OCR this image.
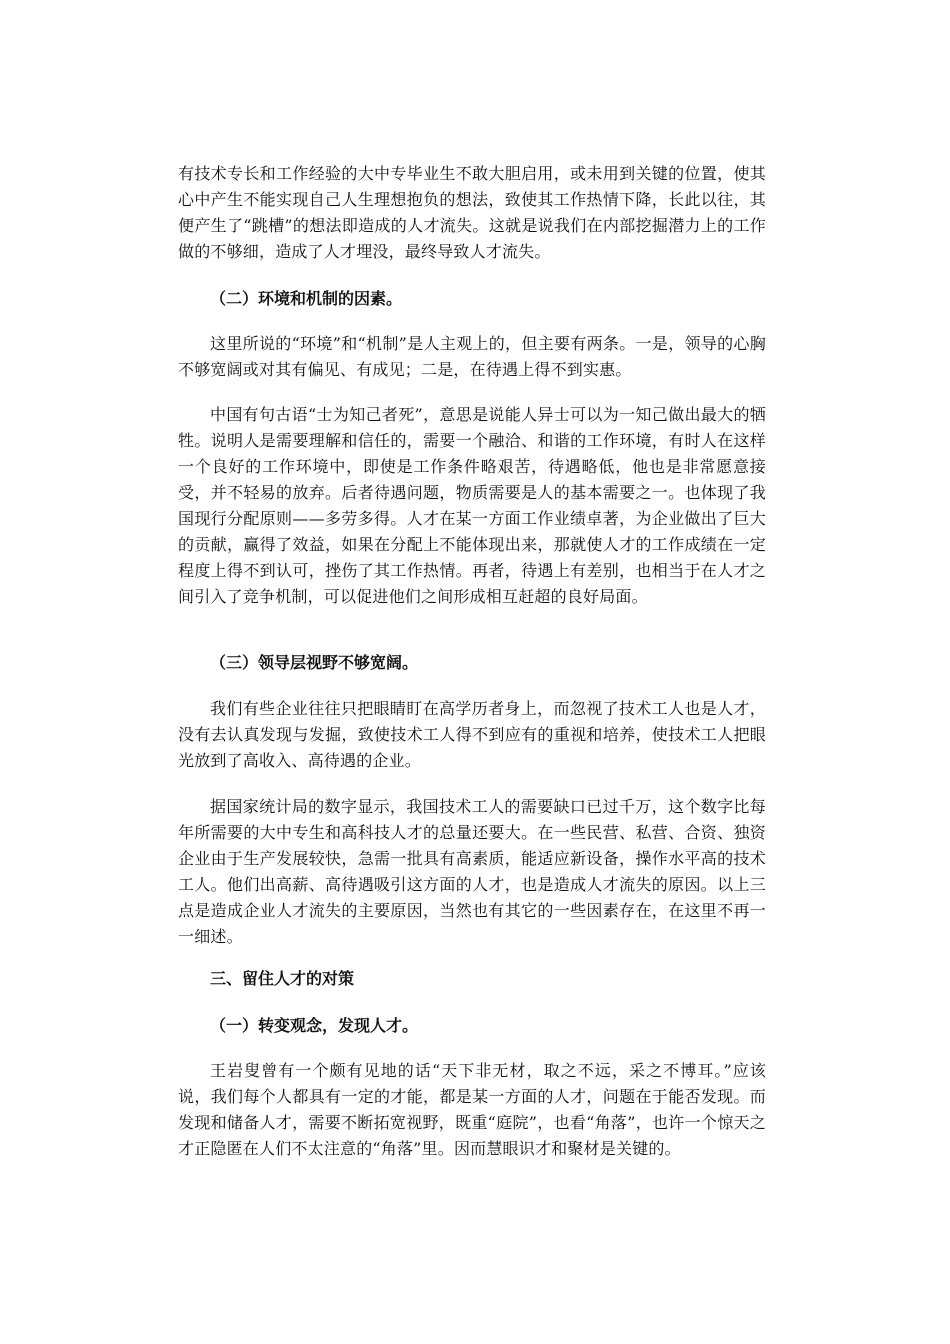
有技术专长和工作经验的大中专毕业生不敢大胆启用，或未用到关键的位置，使其心中产生不能实现自己人生理想抱负的想法，致使其工作热情下降，长此以往，其便产生了“跳槽”的想法即造成的人才流失。这就是说我们在内部挖掘潜力上的工作做的不够细，造成了人才埋没，最终导致人才流失。

（二）环境和机制的因素。

这里所说的“环境”和“机制”是人主观上的，但主要有两条。一是，领导的心胸不够宽阔或对其有偏见、有成见；二是，在待遇上得不到实惠。

中国有句古语“士为知己者死”，意思是说能人异士可以为一知己做出最大的牺牲。说明人是需要理解和信任的，需要一个融洽、和谐的工作环境，有时人在这样一个良好的工作环境中，即使是工作条件略艰苦，待遇略低，他也是非常愿意接受，并不轻易的放弃。后者待遇问题，物质需要是人的基本需要之一。也体现了我国现行分配原则——多劳多得。人才在某一方面工作业绩卓著，为企业做出了巨大的贡献，赢得了效益，如果在分配上不能体现出来，那就使人才的工作成绩在一定程度上得不到认可，挫伤了其工作热情。再者，待遇上有差别，也相当于在人才之间引入了竞争机制，可以促进他们之间形成相互赶超的良好局面。

（三）领导层视野不够宽阔。

我们有些企业往往只把眼睛盯在高学历者身上，而忽视了技术工人也是人才，没有去认真发现与发掘，致使技术工人得不到应有的重视和培养，使技术工人把眼光放到了高收入、高待遇的企业。

据国家统计局的数字显示，我国技术工人的需要缺口已过千万，这个数字比每年所需要的大中专生和高科技人才的总量还要大。在一些民营、私营、合资、独资企业由于生产发展较快，急需一批具有高素质，能适应新设备，操作水平高的技术工人。他们出高薪、高待遇吸引这方面的人才，也是造成人才流失的原因。以上三点是造成企业人才流失的主要原因，当然也有其它的一些因素存在，在这里不再一一细述。

三、留住人才的对策
（一）转变观念，发现人才。

王岩叟曾有一个颇有见地的话“天下非无材，取之不远，采之不博耳。”应该说，我们每个人都具有一定的才能，都是某一方面的人才，问题在于能否发现。而发现和储备人才，需要不断拓宽视野，既重“庭院”，也看“角落”，也许一个惊天之才正隐匿在人们不太注意的“角落”里。因而慧眼识才和聚材是关键的。
